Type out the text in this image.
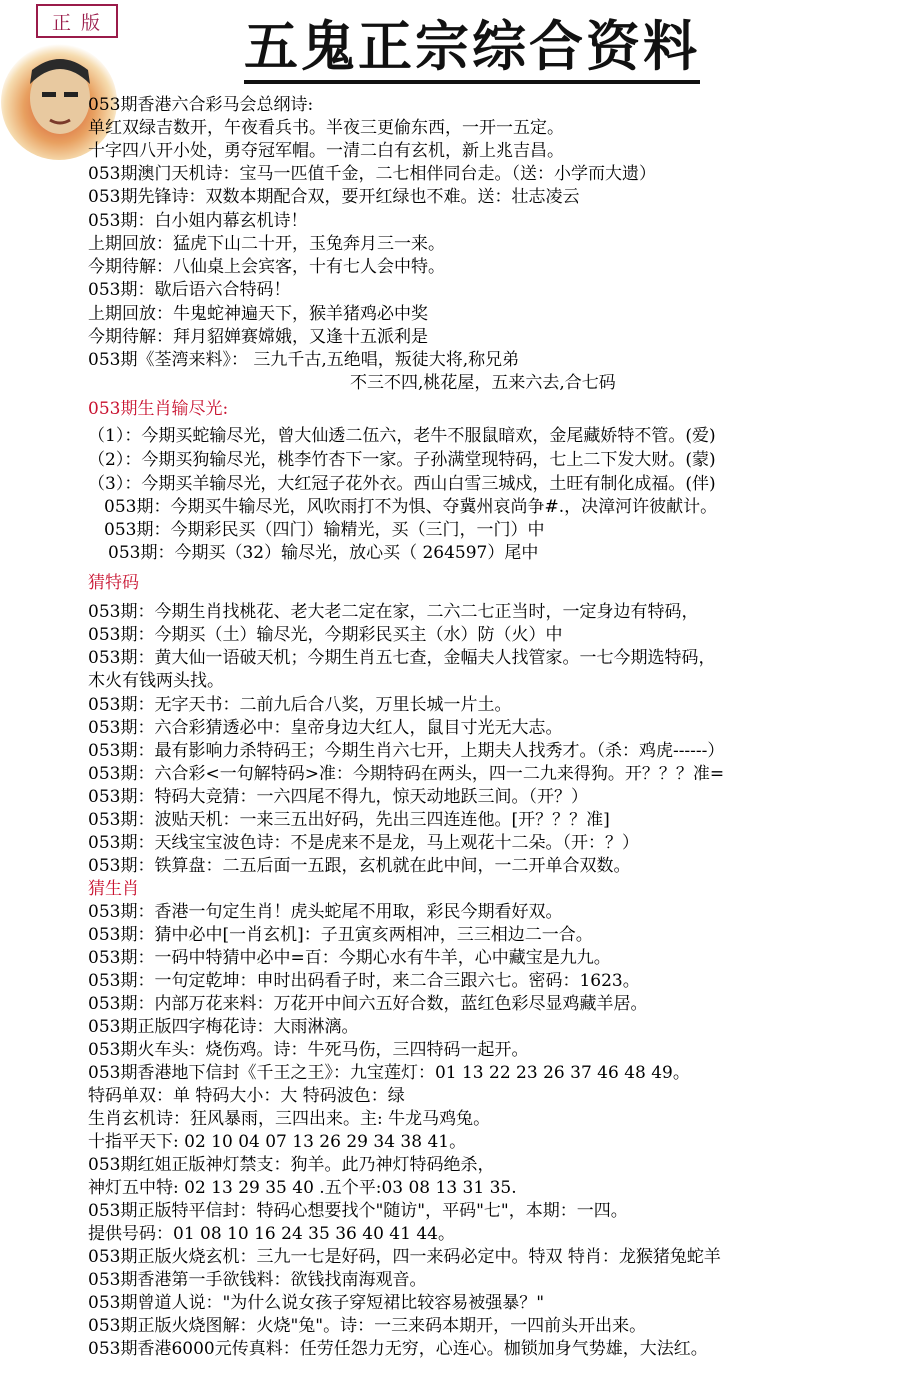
正 版	五鬼正宗综合资料
053期香港六合彩马会总纲诗:
单红双绿吉数开，午夜看兵书。半夜三更偷东西，一开一五定。
十字四八开小处，勇夺冠军帽。一清二白有玄机，新上兆吉昌。
053期澳门天机诗：宝马一匹值千金，二七相伴同台走。（送：小学而大遗）
053期先锋诗：双数本期配合双，要开红绿也不难。送：壮志凌云
053期：白小姐内幕玄机诗！
上期回放：猛虎下山二十开，玉兔奔月三一来。
今期待解：八仙桌上会宾客，十有七人会中特。
053期：歇后语六合特码！
上期回放：牛鬼蛇神遍天下，猴羊猪鸡必中奖
今期待解：拜月貂婵赛嫦娥，又逢十五派利是
053期《荃湾来料》： 三九千古,五绝唱，叛徒大将,称兄弟
不三不四,桃花屋，五来六去,合七码
053期生肖输尽光:
（1）：今期买蛇输尽光，曾大仙透二伍六，老牛不服鼠暗欢，金尾藏娇特不管。(爱)
（2）：今期买狗输尽光，桃李竹杏下一家。子孙满堂现特码，七上二下发大财。(蒙)
（3）：今期买羊输尽光，大红冠子花外衣。西山白雪三城戍，土旺有制化成福。(伴)
053期：今期买牛输尽光，风吹雨打不为惧、夺冀州哀尚争#.，决漳河许彼献计。
053期：今期彩民买（四门）输精光，买（三门，一门）中
053期：今期买（32）输尽光，放心买（ 264597）尾中
猜特码
053期：今期生肖找桃花、老大老二定在家，二六二七正当时，一定身边有特码，
053期：今期买（土）输尽光，今期彩民买主（水）防（火）中
053期：黄大仙一语破天机；今期生肖五七查，金幅夫人找管家。一七今期选特码，
木火有钱两头找。
053期：无字天书：二前九后合八奖，万里长城一片土。
053期：六合彩猜透必中：皇帝身边大红人，鼠目寸光无大志。
053期：最有影响力杀特码王；今期生肖六七开，上期夫人找秀才。（杀：鸡虎------）
053期：六合彩<一句解特码>准：今期特码在两头，四一二九来得狗。开？？？准=
053期：特码大竞猜：一六四尾不得九，惊天动地跃三间。（开？）
053期：波贴天机：一来三五出好码，先出三四连连他。[开？？？准]
053期：天线宝宝波色诗：不是虎来不是龙，马上观花十二朵。（开：？）
053期：铁算盘：二五后面一五跟，玄机就在此中间，一二开单合双数。
猜生肖
053期：香港一句定生肖！虎头蛇尾不用取，彩民今期看好双。
053期：猜中必中[一肖玄机]：子丑寅亥两相冲，三三相边二一合。
053期：一码中特猜中必中=百：今期心水有牛羊，心中藏宝是九九。
053期：一句定乾坤：申时出码看子时，来二合三跟六七。密码：1623。
053期：内部万花来料：万花开中间六五好合数，蓝红色彩尽显鸡藏羊居。
053期正版四字梅花诗：大雨淋漓。
053期火车头：烧伤鸡。诗：牛死马伤，三四特码一起开。
053期香港地下信封《千王之王》：九宝莲灯：01 13 22 23 26 37 46 48 49。
特码单双：单 特码大小：大 特码波色：绿
生肖玄机诗：狂风暴雨，三四出来。主: 牛龙马鸡兔。
十指平天下: 02 10 04 07 13 26 29 34 38 41。
053期红姐正版神灯禁支：狗羊。此乃神灯特码绝杀，
神灯五中特: 02 13 29 35 40 .五个平:03 08 13 31 35.
053期正版特平信封：特码心想要找个"随访"，平码"七"，本期：一四。
提供号码：01 08 10 16 24 35 36 40 41 44。
053期正版火烧玄机：三九一七是好码，四一来码必定中。特双 特肖：龙猴猪兔蛇羊
053期香港第一手欲钱料：欲钱找南海观音。
053期曾道人说："为什么说女孩子穿短裙比较容易被强暴？"
053期正版火烧图解：火烧"兔"。诗：一三来码本期开，一四前头开出来。
053期香港6000元传真料：任劳任怨力无穷，心连心。枷锁加身气势雄，大法红。
